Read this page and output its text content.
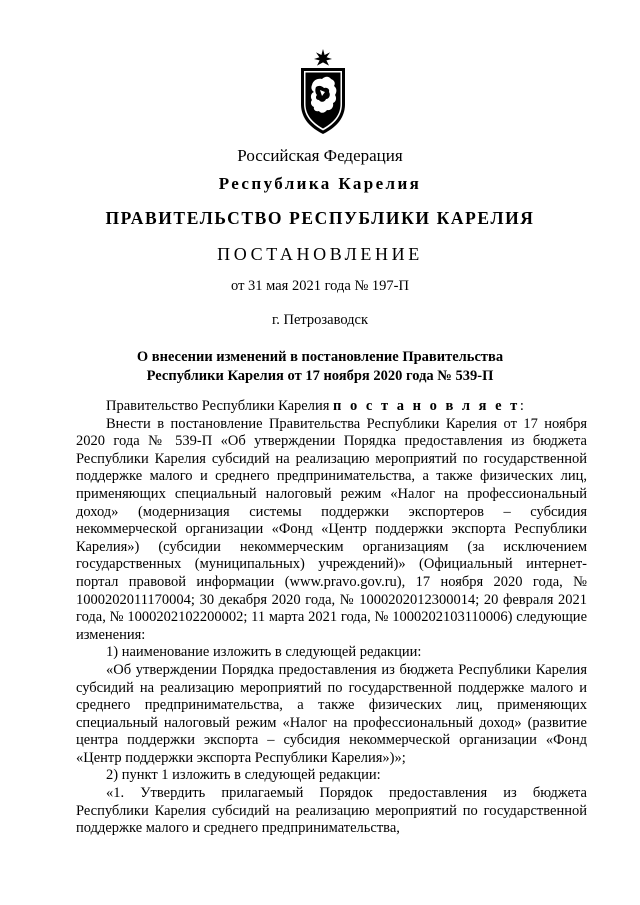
Российская Федерация
Республика Карелия
ПРАВИТЕЛЬСТВО РЕСПУБЛИКИ КАРЕЛИЯ
ПОСТАНОВЛЕНИЕ
от 31 мая 2021 года № 197-П
г. Петрозаводск
О внесении изменений в постановление Правительства
Республики Карелия от 17 ноября 2020 года № 539-П

Правительство Республики Карелия п о с т а н о в л я е т:

Внести в постановление Правительства Республики Карелия от 17 ноября 2020 года № 539-П «Об утверждении Порядка предоставления из бюджета Республики Карелия субсидий на реализацию мероприятий по государственной поддержке малого и среднего предпринимательства, а также физических лиц, применяющих специальный налоговый режим «Налог на профессиональный доход» (модернизация системы поддержки экспортеров – субсидия некоммерческой организации «Фонд «Центр поддержки экспорта Республики Карелия») (субсидии некоммерческим организациям (за исключением государственных (муниципальных) учреждений)» (Официальный интернет-портал правовой информации (www.pravo.gov.ru), 17 ноября 2020 года, № 1000202011170004; 30 декабря 2020 года, № 1000202012300014; 20 февраля 2021 года, № 1000202102200002; 11 марта 2021 года, № 1000202103110006) следующие изменения:

1) наименование изложить в следующей редакции:

«Об утверждении Порядка предоставления из бюджета Республики Карелия субсидий на реализацию мероприятий по государственной поддержке малого и среднего предпринимательства, а также физических лиц, применяющих специальный налоговый режим «Налог на профессиональный доход» (развитие центра поддержки экспорта – субсидия некоммерческой организации «Фонд «Центр поддержки экспорта Республики Карелия»)»;

2) пункт 1 изложить в следующей редакции:

«1. Утвердить прилагаемый Порядок предоставления из бюджета Республики Карелия субсидий на реализацию мероприятий по государственной поддержке малого и среднего предпринимательства,
